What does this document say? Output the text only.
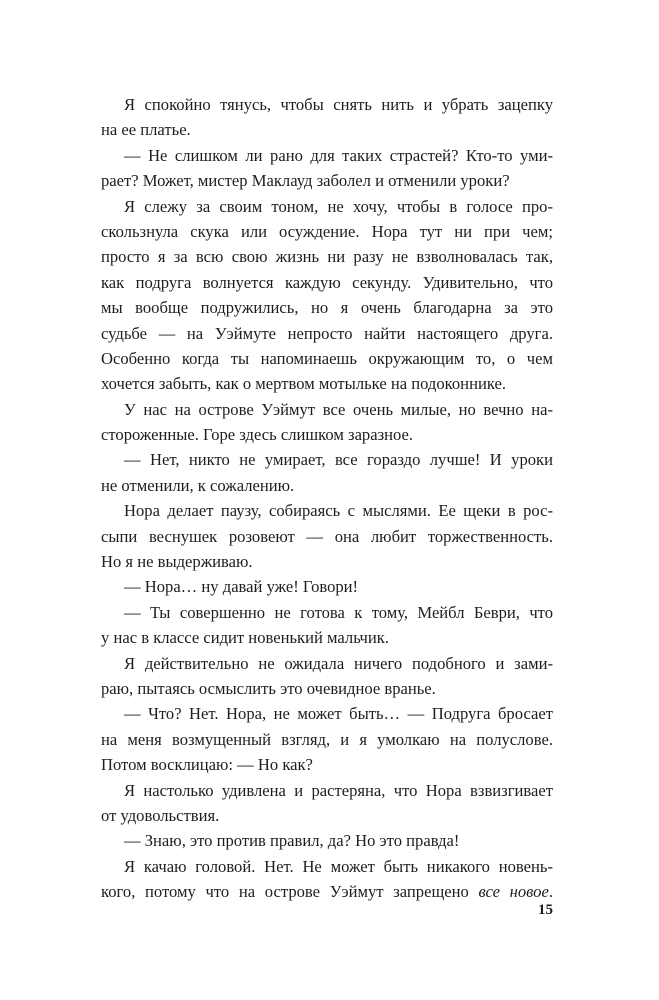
Я спокойно тянусь, чтобы снять нить и убрать зацепку
на ее платье.
— Не слишком ли рано для таких страстей? Кто-то уми-
рает? Может, мистер Маклауд заболел и отменили уроки?
Я слежу за своим тоном, не хочу, чтобы в голосе про-
скользнула скука или осуждение. Нора тут ни при чем;
просто я за всю свою жизнь ни разу не взволновалась так,
как подруга волнуется каждую секунду. Удивительно, что
мы вообще подружились, но я очень благодарна за это
судьбе — на Уэймуте непросто найти настоящего друга.
Особенно когда ты напоминаешь окружающим то, о чем
хочется забыть, как о мертвом мотыльке на подоконнике.
У нас на острове Уэймут все очень милые, но вечно на-
стороженные. Горе здесь слишком заразное.
— Нет, никто не умирает, все гораздо лучше! И уроки
не отменили, к сожалению.
Нора делает паузу, собираясь с мыслями. Ее щеки в рос-
сыпи веснушек розовеют — она любит торжественность.
Но я не выдерживаю.
— Нора… ну давай уже! Говори!
— Ты совершенно не готова к тому, Мейбл Беври, что
у нас в классе сидит новенький мальчик.
Я действительно не ожидала ничего подобного и зами-
раю, пытаясь осмыслить это очевидное вранье.
— Что? Нет. Нора, не может быть… — Подруга бросает
на меня возмущенный взгляд, и я умолкаю на полуслове.
Потом восклицаю: — Но как?
Я настолько удивлена и растеряна, что Нора взвизгивает
от удовольствия.
— Знаю, это против правил, да? Но это правда!
Я качаю головой. Нет. Не может быть никакого новень-
кого, потому что на острове Уэймут запрещено все новое.
15
